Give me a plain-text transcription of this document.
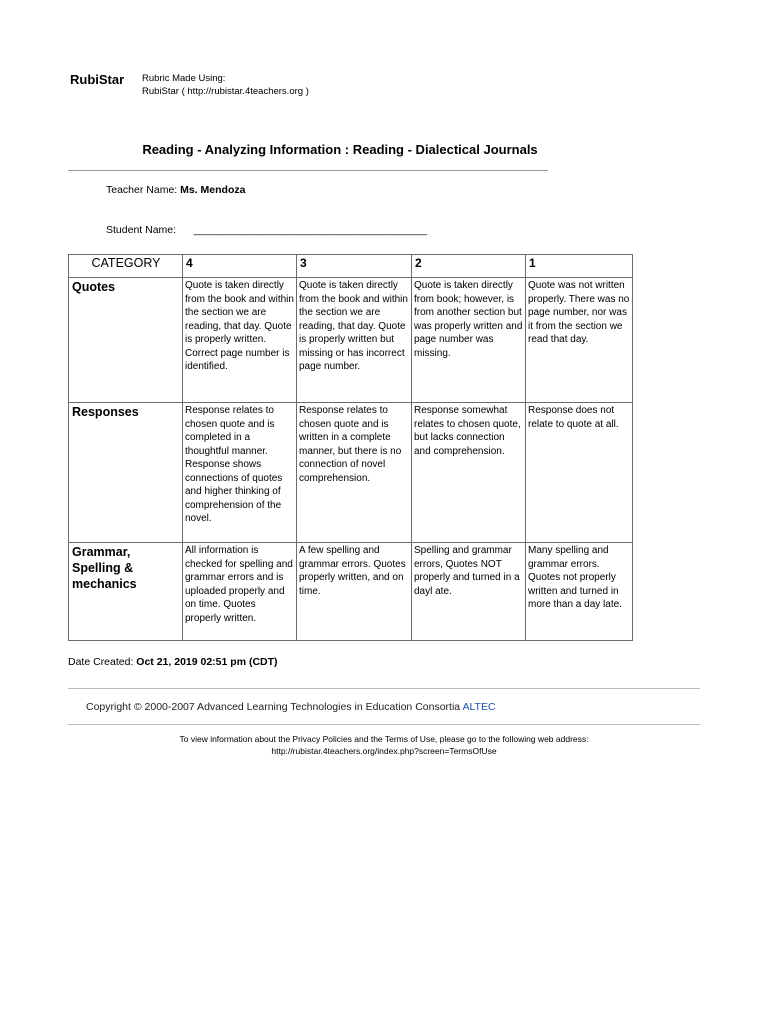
RubiStar Rubric Made Using:
RubiStar ( http://rubistar.4teachers.org )
Reading - Analyzing Information : Reading - Dialectical Journals
Teacher Name: Ms. Mendoza
Student Name: ________________________________________
CATEGORY	4	3	2	1
Quotes	Quote is taken directly from the book and within the section we are reading, that day. Quote is properly written. Correct page number is identified.	Quote is taken directly from the book and within the section we are reading, that day. Quote is properly written but missing or has incorrect page number.	Quote is taken directly from book; however, is from another section but was properly written and page number was missing.	Quote was not written properly. There was no page number, nor was it from the section we read that day.
Responses	Response relates to chosen quote and is completed in a thoughtful manner. Response shows connections of quotes and higher thinking of comprehension of the novel.	Response relates to chosen quote and is written in a complete manner, but there is no connection of novel comprehension.	Response somewhat relates to chosen quote, but lacks connection and comprehension.	Response does not relate to quote at all.
Grammar, Spelling & mechanics	All information is checked for spelling and grammar errors and is uploaded properly and on time. Quotes properly written.	A few spelling and grammar errors. Quotes properly written, and on time.	Spelling and grammar errors, Quotes NOT properly and turned in a dayl ate.	Many spelling and grammar errors. Quotes not properly written and turned in more than a day late.
Date Created: Oct 21, 2019 02:51 pm (CDT)
Copyright © 2000-2007 Advanced Learning Technologies in Education Consortia ALTEC
To view information about the Privacy Policies and the Terms of Use, please go to the following web address:
http://rubistar.4teachers.org/index.php?screen=TermsOfUse
